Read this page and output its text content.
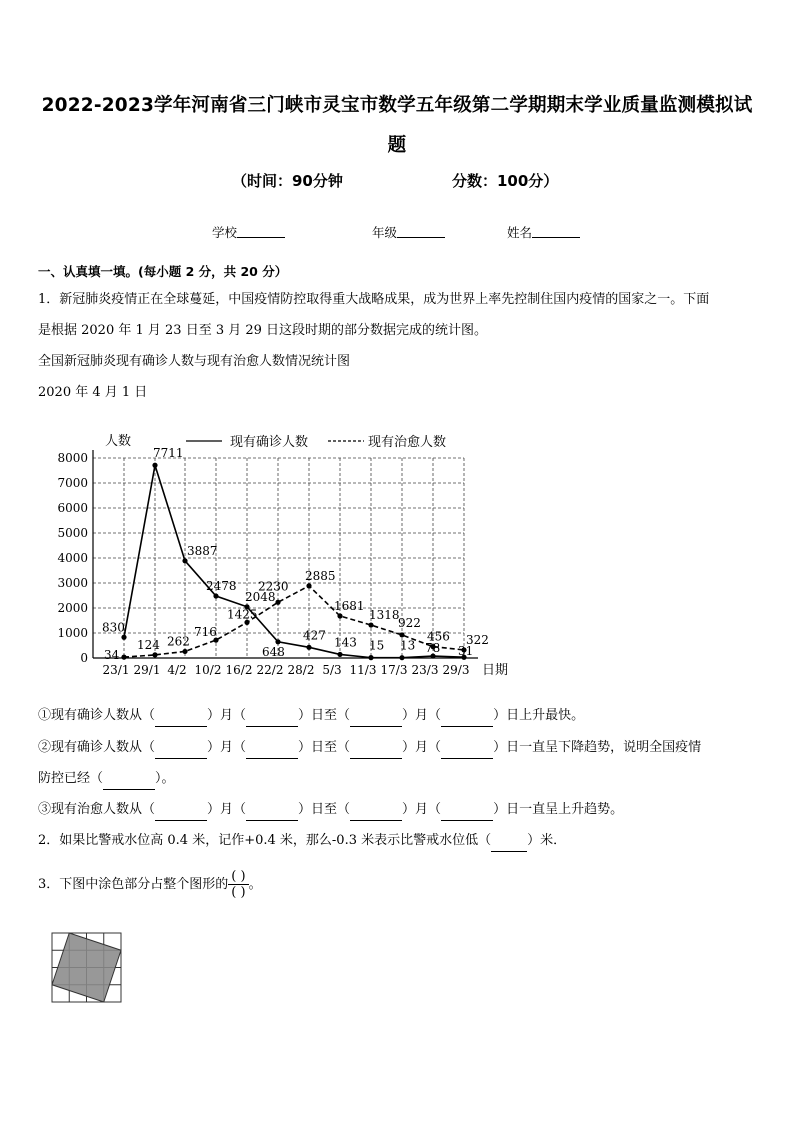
2022-2023学年河南省三门峡市灵宝市数学五年级第二学期期末学业质量监测模拟试
题
（时间：90分钟	分数：100分）
学校	年级	姓名
一、认真填一填。(每小题 2 分，共 20 分）
1．新冠肺炎疫情正在全球蔓延，中国疫情防控取得重大战略成果，成为世界上率先控制住国内疫情的国家之一。下面
是根据 2020 年 1 月 23 日至 3 月 29 日这段时期的部分数据完成的统计图。
全国新冠肺炎现有确诊人数与现有治愈人数情况统计图
2020 年 4 月 1 日
0
1000
2000
3000
4000
5000
6000
7000
8000
23/1 29/1 4/2 10/2 16/2 22/2 28/2 5/3 11/3 17/3 23/3 29/3
人数
日期
现有确诊人数	现有治愈人数
830
7711
3887
2478
2048
648
427
143 15 13 78 31
34
124 262
716
1425
2230
2885
1681
1318
922
456 322
①现有确诊人数从（	）月（	）日至（	）月（	）日上升最快。
②现有确诊人数从（	）月（	）日至（	）月（	）日一直呈下降趋势，说明全国疫情
防控已经（	）。
③现有治愈人数从（	）月（	）日至（	）月（	）日一直呈上升趋势。
2．如果比警戒水位高 0.4 米，记作+0.4 米，那么-0.3 米表示比警戒水位低（	）米．
3．下图中涂色部分占整个图形的 $\frac{( )}{( )}$ 。
